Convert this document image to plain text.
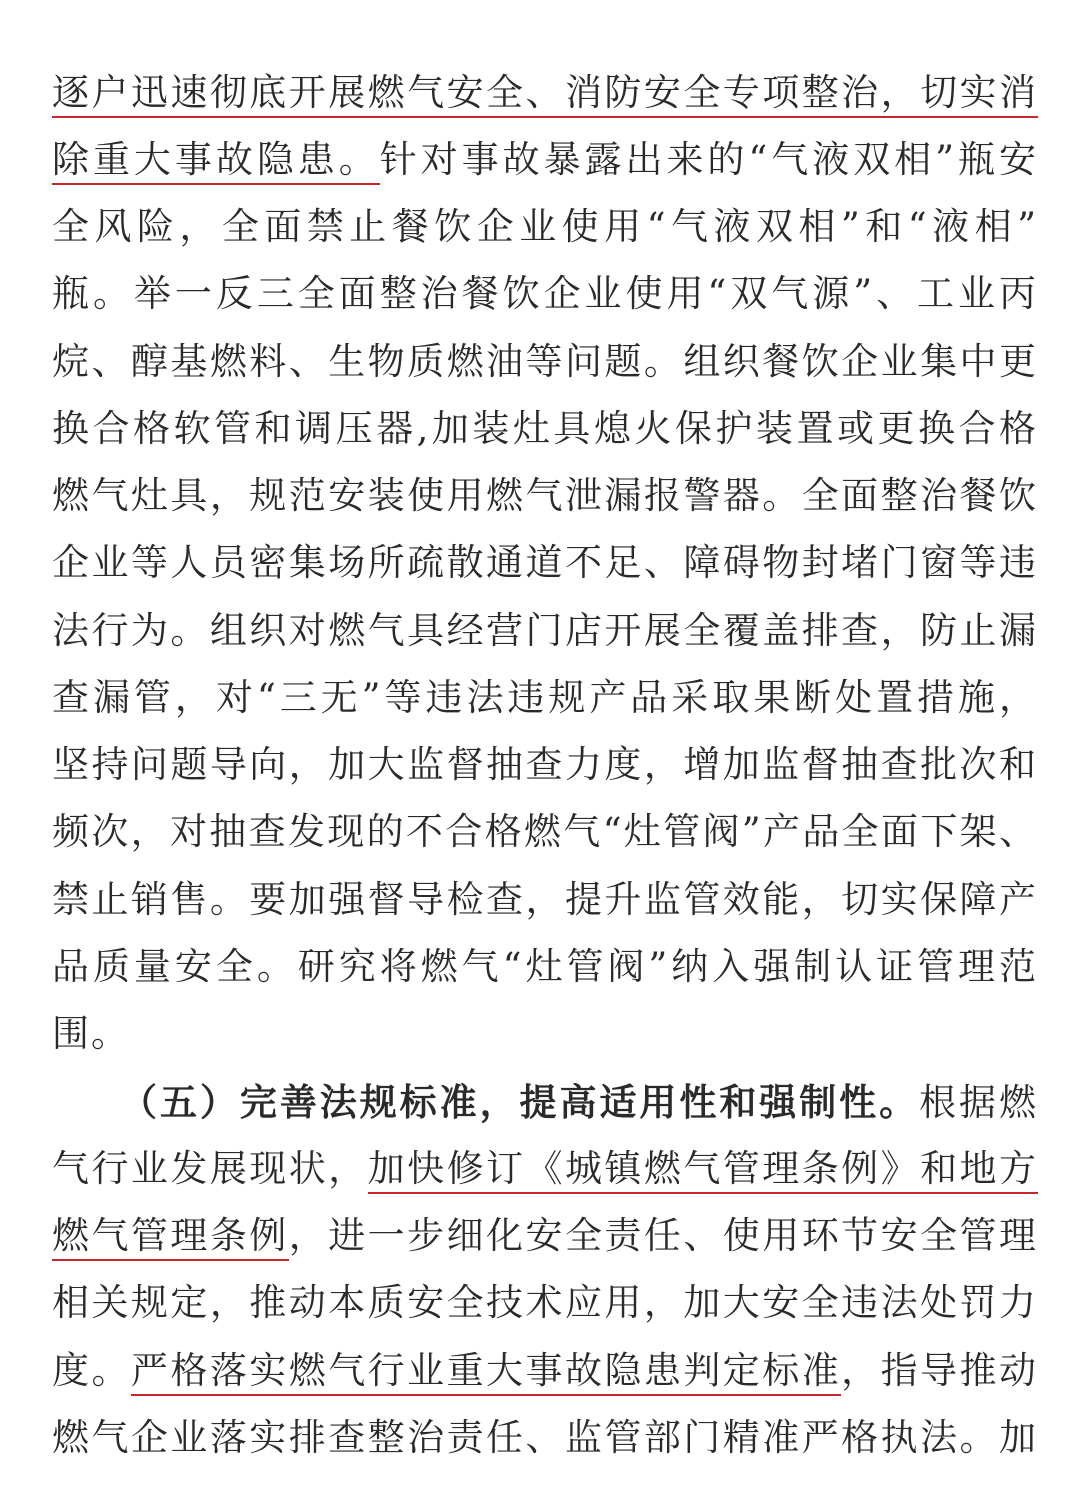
逐户迅速彻底开展燃气安全、消防安全专项整治，切实消
除重大事故隐患。针对事故暴露出来的“气液双相”瓶安
全风险，全面禁止餐饮企业使用“气液双相”和“液相”
瓶。举一反三全面整治餐饮企业使用“双气源”、工业丙
烷、醇基燃料、生物质燃油等问题。组织餐饮企业集中更
换合格软管和调压器,加装灶具熄火保护装置或更换合格
燃气灶具，规范安装使用燃气泄漏报警器。全面整治餐饮
企业等人员密集场所疏散通道不足、障碍物封堵门窗等违
法行为。组织对燃气具经营门店开展全覆盖排查，防止漏
查漏管，对“三无”等违法违规产品采取果断处置措施，
坚持问题导向，加大监督抽查力度，增加监督抽查批次和
频次，对抽查发现的不合格燃气“灶管阀”产品全面下架、
禁止销售。要加强督导检查，提升监管效能，切实保障产
品质量安全。研究将燃气“灶管阀”纳入强制认证管理范
围。
（五）完善法规标准，提高适用性和强制性。根据燃
气行业发展现状，加快修订《城镇燃气管理条例》和地方
燃气管理条例，进一步细化安全责任、使用环节安全管理
相关规定，推动本质安全技术应用，加大安全违法处罚力
度。严格落实燃气行业重大事故隐患判定标准，指导推动
燃气企业落实排查整治责任、监管部门精准严格执法。加
